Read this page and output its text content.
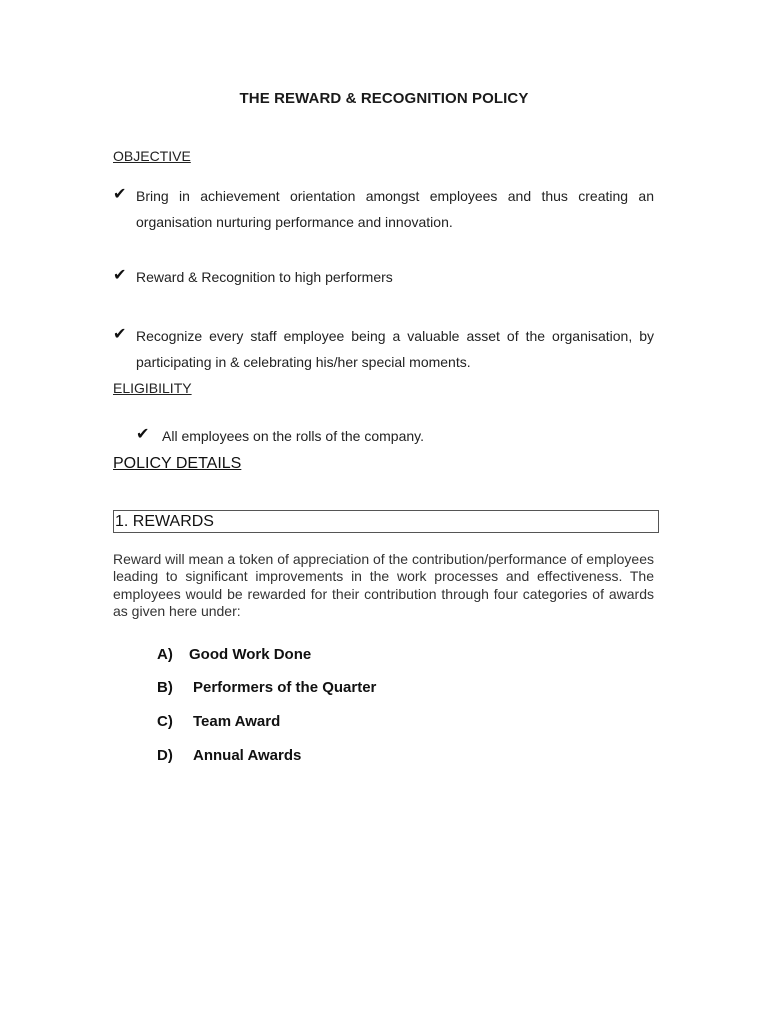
THE REWARD & RECOGNITION POLICY
OBJECTIVE
✔ Bring in achievement orientation amongst employees and thus creating an organisation nurturing performance and innovation.
✔ Reward & Recognition to high performers
✔ Recognize every staff employee being a valuable asset of the organisation, by participating in & celebrating his/her special moments.
ELIGIBILITY
✔ All employees on the rolls of the company.
POLICY DETAILS
1. REWARDS
Reward will mean a token of appreciation of the contribution/performance of employees leading to significant improvements in the work processes and effectiveness. The employees would be rewarded for their contribution through four categories of awards as given here under:
A) Good Work Done
B) Performers of the Quarter
C) Team Award
D) Annual Awards
